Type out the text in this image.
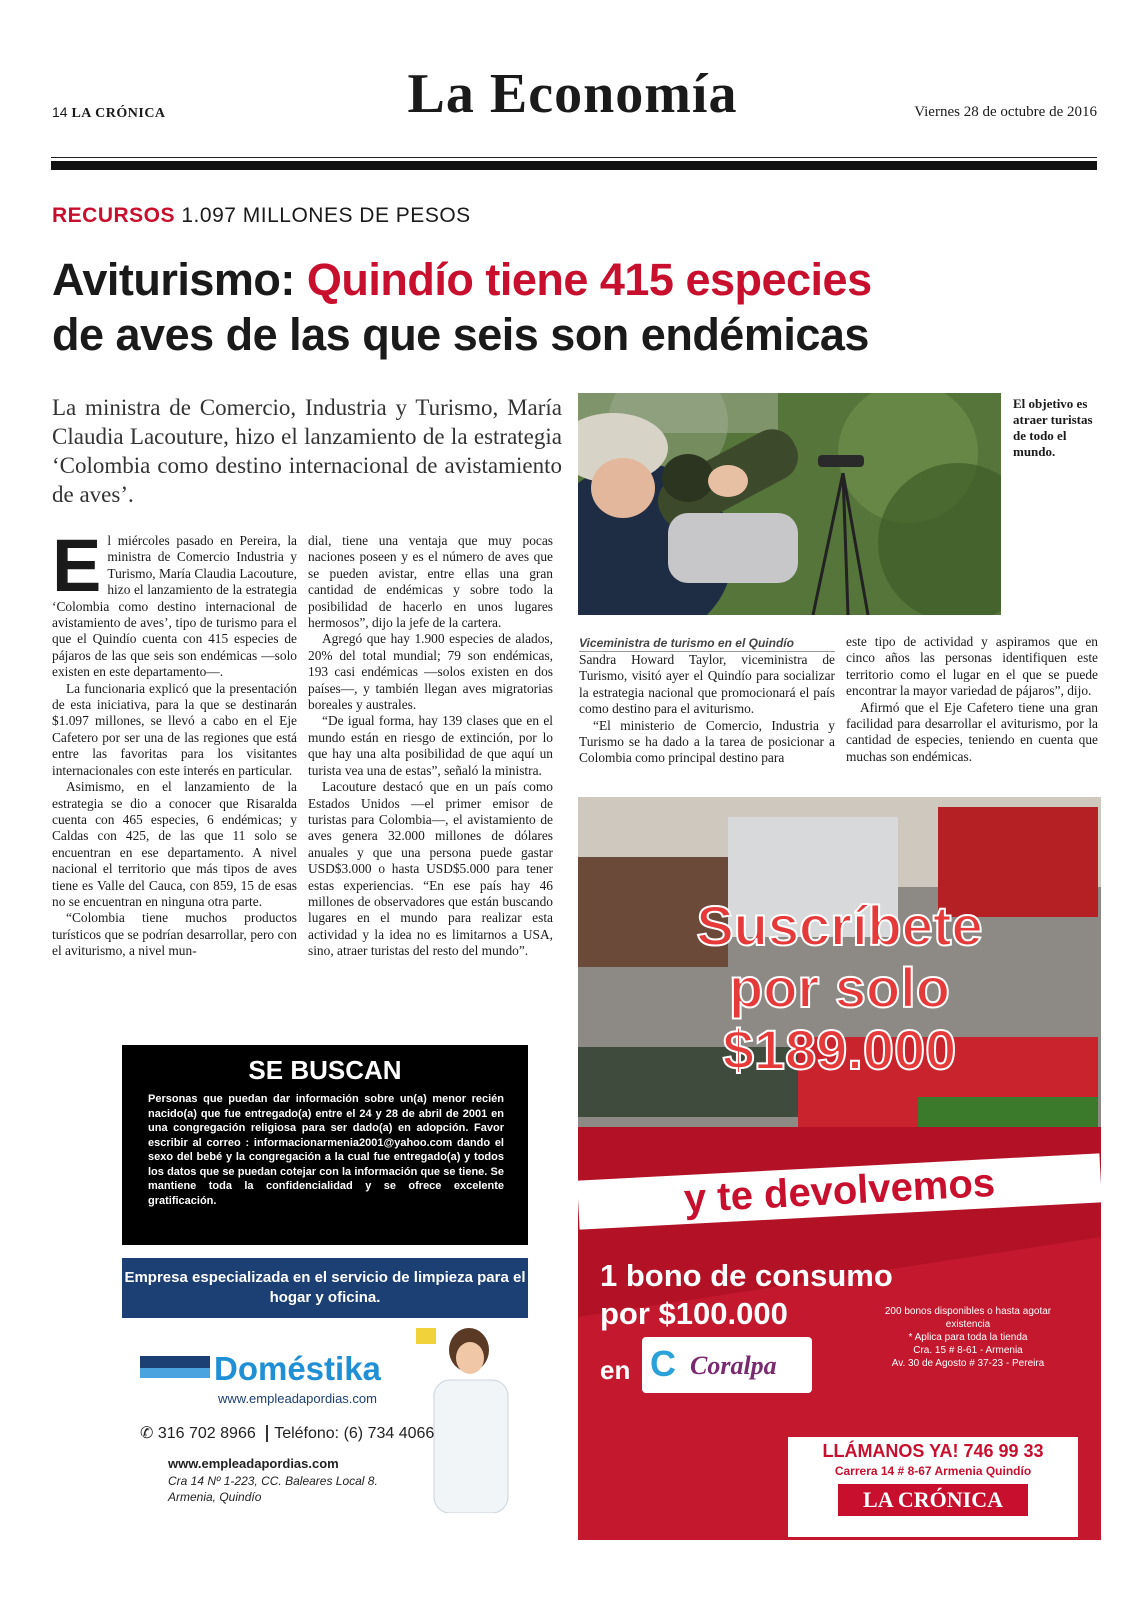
14 LA CRÓNICA	La Economía	Viernes 28 de octubre de 2016
RECURSOS 1.097 MILLONES DE PESOS
Aviturismo: Quindío tiene 415 especies
de aves de las que seis son endémicas
La ministra de Comercio, Industria y Turismo, María Claudia Lacouture, hizo el lanzamiento de la estrategia ‘Colombia como destino internacional de avistamiento de aves’.
E l miércoles pasado en Pereira, la ministra de Comercio Industria y Turismo, María Claudia Lacouture, hizo el lanzamiento de la estrategia ‘Colombia como destino internacional de avistamiento de aves’, tipo de turismo para el que el Quindío cuenta con 415 especies de pájaros de las que seis son endémicas —solo existen en este departamento—.

La funcionaria explicó que la presentación de esta iniciativa, para la que se destinarán $1.097 millones, se llevó a cabo en el Eje Cafetero por ser una de las regiones que está entre las favoritas para los visitantes internacionales con este interés en particular.

Asimismo, en el lanzamiento de la estrategia se dio a conocer que Risaralda cuenta con 465 especies, 6 endémicas; y Caldas con 425, de las que 11 solo se encuentran en ese departamento. A nivel nacional el territorio que más tipos de aves tiene es Valle del Cauca, con 859, 15 de esas no se encuentran en ninguna otra parte.

“Colombia tiene muchos productos turísticos que se podrían desarrollar, pero con el aviturismo, a nivel mun-

dial, tiene una ventaja que muy pocas naciones poseen y es el número de aves que se pueden avistar, entre ellas una gran cantidad de endémicas y sobre todo la posibilidad de hacerlo en unos lugares hermosos”, dijo la jefe de la cartera.

Agregó que hay 1.900 especies de alados, 20% del total mundial; 79 son endémicas, 193 casi endémicas —solos existen en dos países—, y también llegan aves migratorias boreales y australes.

“De igual forma, hay 139 clases que en el mundo están en riesgo de extinción, por lo que hay una alta posibilidad de que aquí un turista vea una de estas”, señaló la ministra.

Lacouture destacó que en un país como Estados Unidos —el primer emisor de turistas para Colombia—, el avistamiento de aves genera 32.000 millones de dólares anuales y que una persona puede gastar USD$3.000 o hasta USD$5.000 para tener estas experiencias. “En ese país hay 46 millones de observadores que están buscando lugares en el mundo para realizar esta actividad y la idea no es limitarnos a USA, sino, atraer turistas del resto del mundo”.

El objetivo es atraer turistas de todo el mundo.
Viceministra de turismo en el Quindío

Sandra Howard Taylor, viceministra de Turismo, visitó ayer el Quindío para socializar la estrategia nacional que promocionará el país como destino para el aviturismo.

“El ministerio de Comercio, Industria y Turismo se ha dado a la tarea de posicionar a Colombia como principal destino para

este tipo de actividad y aspiramos que en cinco años las personas identifiquen este territorio como el lugar en el que se puede encontrar la mayor variedad de pájaros”, dijo.

Afirmó que el Eje Cafetero tiene una gran facilidad para desarrollar el aviturismo, por la cantidad de especies, teniendo en cuenta que muchas son endémicas.

SE BUSCAN
Personas que puedan dar información sobre un(a) menor recién nacido(a) que fue entregado(a) entre el 24 y 28 de abril de 2001 en una congregación religiosa para ser dado(a) en adopción. Favor escribir al correo : informacionarmenia2001@yahoo.com dando el sexo del bebé y la congregación a la cual fue entregado(a) y todos los datos que se puedan cotejar con la información que se tiene. Se mantiene toda la confidencialidad y se ofrece excelente gratificación.
Empresa especializada en el servicio de limpieza para el hogar y oficina.
Doméstika
www.empleadapordias.com
✆ 316 702 8966 Teléfono: (6) 734 4066
www.empleadapordias.com
Cra 14 Nº 1-223, CC. Baleares Local 8.
Armenia, Quindío
Suscríbete
por solo
$189.000
y te devolvemos
1 bono de consumo
por $100.000
en C Coralpa
200 bonos disponibles o hasta agotar existencia
* Aplica para toda la tienda
Cra. 15 # 8-61 - Armenia
Av. 30 de Agosto # 37-23 - Pereira
LLÁMANOS YA! 746 99 33
Carrera 14 # 8-67 Armenia Quindío
LA CRÓNICA
